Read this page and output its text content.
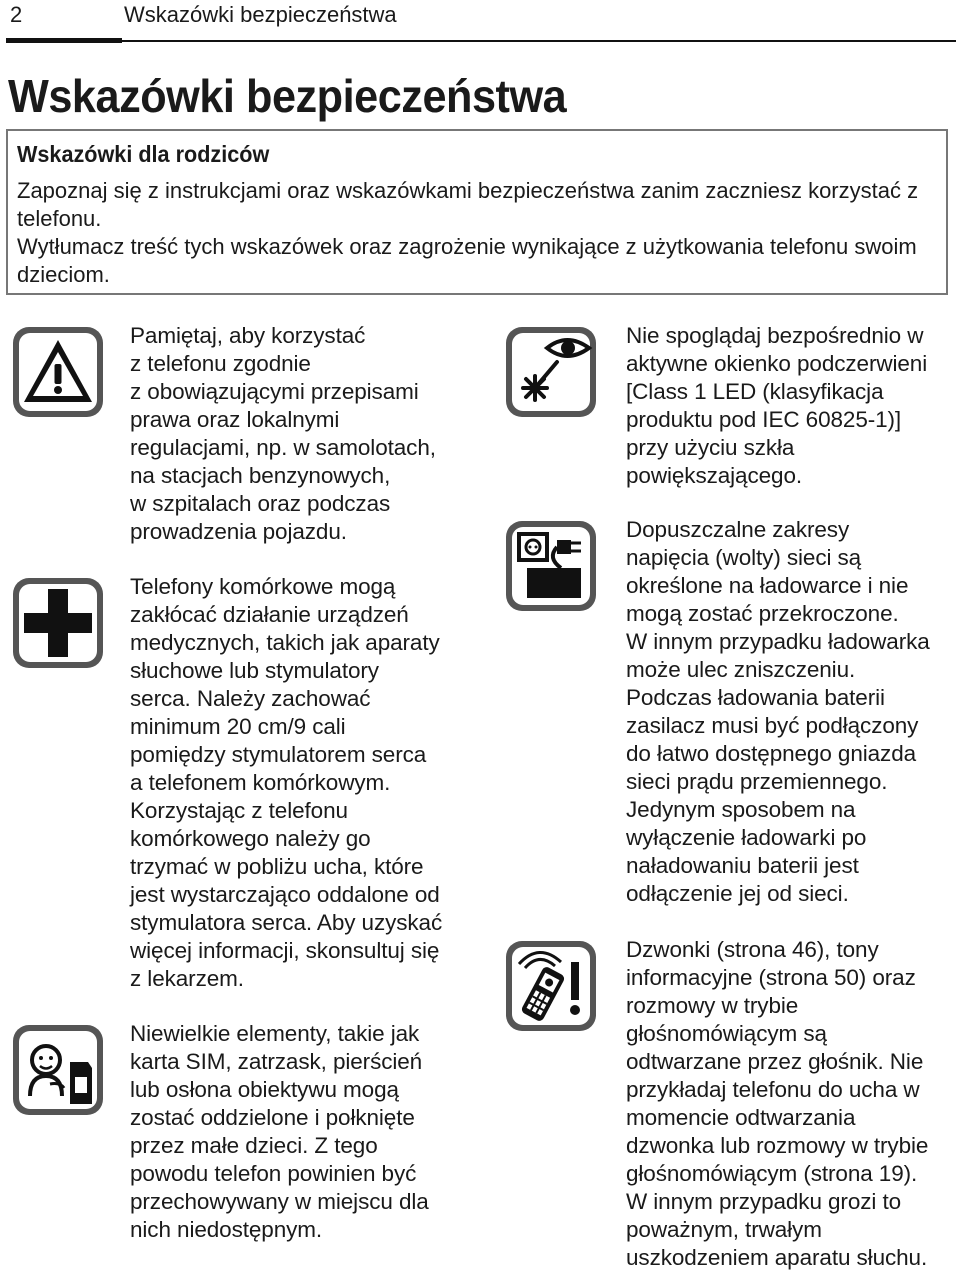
2	Wskazówki bezpieczeństwa
Wskazówki bezpieczeństwa
Wskazówki dla rodziców

Zapoznaj się z instrukcjami oraz wskazówkami bezpieczeństwa zanim zaczniesz korzystać z telefonu.

Wytłumacz treść tych wskazówek oraz zagrożenie wynikające z użytkowania telefonu swoim dzieciom.

Pamiętaj, aby korzystać
z telefonu zgodnie
z obowiązującymi przepisami
prawa oraz lokalnymi
regulacjami, np. w samolotach,
na stacjach benzynowych,
w szpitalach oraz podczas
prowadzenia pojazdu.
Telefony komórkowe mogą
zakłócać działanie urządzeń
medycznych, takich jak aparaty
słuchowe lub stymulatory
serca. Należy zachować
minimum 20 cm/9 cali
pomiędzy stymulatorem serca
a telefonem komórkowym.
Korzystając z telefonu
komórkowego należy go
trzymać w pobliżu ucha, które
jest wystarczająco oddalone od
stymulatora serca. Aby uzyskać
więcej informacji, skonsultuj się
z lekarzem.
Niewielkie elementy, takie jak
karta SIM, zatrzask, pierścień
lub osłona obiektywu mogą
zostać oddzielone i połknięte
przez małe dzieci. Z tego
powodu telefon powinien być
przechowywany w miejscu dla
nich niedostępnym.
Nie spoglądaj bezpośrednio w
aktywne okienko podczerwieni
[Class 1 LED (klasyfikacja
produktu pod IEC 60825-1)]
przy użyciu szkła
powiększającego.
Dopuszczalne zakresy
napięcia (wolty) sieci są
określone na ładowarce i nie
mogą zostać przekroczone.
W innym przypadku ładowarka
może ulec zniszczeniu.
Podczas ładowania baterii
zasilacz musi być podłączony
do łatwo dostępnego gniazda
sieci prądu przemiennego.
Jedynym sposobem na
wyłączenie ładowarki po
naładowaniu baterii jest
odłączenie jej od sieci.
Dzwonki (strona 46), tony
informacyjne (strona 50) oraz
rozmowy w trybie
głośnomówiącym są
odtwarzane przez głośnik. Nie
przykładaj telefonu do ucha w
momencie odtwarzania
dzwonka lub rozmowy w trybie
głośnomówiącym (strona 19).
W innym przypadku grozi to
poważnym, trwałym
uszkodzeniem aparatu słuchu.
